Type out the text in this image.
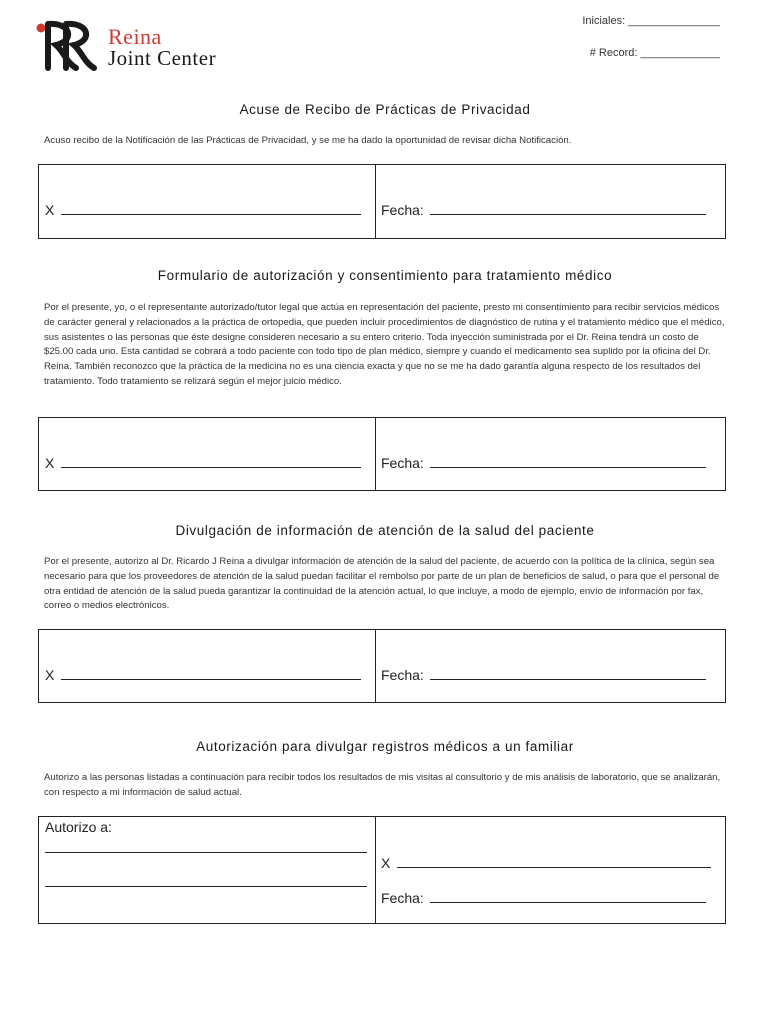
Reina
Joint Center
Iniciales: _______________
# Record: _____________
Acuse de Recibo de Prácticas de Privacidad
Acuso recibo de la Notificación de las Prácticas de Privacidad, y se me ha dado la oportunidad de revisar dicha Notificación.
X	Fecha:
Formulario de autorización y consentimiento para tratamiento médico
Por el presente, yo, o el representante autorizado/tutor legal que actúa en representación del paciente, presto mi consentimiento para recibir servicios médicos de carácter general y relacionados a la práctica de ortopedia, que pueden incluir procedimientos de diagnóstico de rutina y el tratamiento médico que el médico, sus asistentes o las personas que éste designe consideren necesario a su entero criterio. Toda inyección suministrada por el Dr. Reina tendrá un costo de $25.00 cada uno. Esta cantidad se cobrará a todo paciente con todo tipo de plan médico, siempre y cuando el medicamento sea suplido por la oficina del Dr. Reina. También reconozco que la práctica de la medicina no es una ciencia exacta y que no se me ha dado garantía alguna respecto de los resultados del tratamiento. Todo tratamiento se relizará según el mejor juicio médico.
X	Fecha:
Divulgación de información de atención de la salud del paciente
Por el presente, autorizo al Dr. Ricardo J Reina a divulgar información de atención de la salud del paciente, de acuerdo con la política de la clínica, según sea necesario para que los proveedores de atención de la salud puedan facilitar el rembolso por parte de un plan de beneficios de salud, o para que el personal de otra entidad de atención de la salud pueda garantizar la continuidad de la atención actual, lo que incluye, a modo de ejemplo, envío de información por fax, correo o medios electrónicos.
X	Fecha:
Autorización para divulgar registros médicos a un familiar
Autorizo a las personas listadas a continuación para recibir todos los resultados de mis visitas al consultorio y de mis análisis de laboratorio, que se analizarán, con respecto a mi información de salud actual.
Autorizo a:
X
Fecha:
